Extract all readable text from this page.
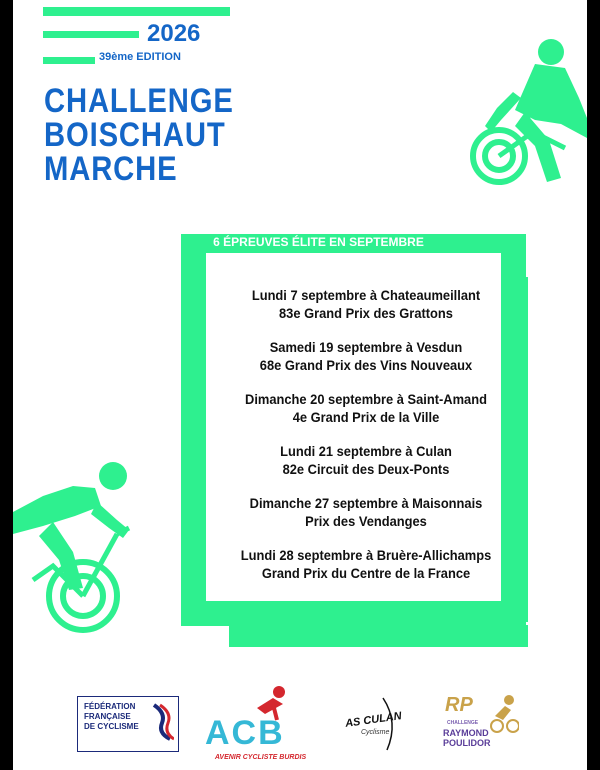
2026
39ème EDITION
CHALLENGE
BOISCHAUT
MARCHE
6 ÉPREUVES ÉLITE EN SEPTEMBRE
Lundi 7 septembre à Chateaumeillant
83e Grand Prix des Grattons
Samedi 19 septembre à Vesdun
68e Grand Prix des Vins Nouveaux
Dimanche 20 septembre à Saint-Amand
4e Grand Prix de la Ville
Lundi 21 septembre à Culan
82e Circuit des Deux-Ponts
Dimanche 27 septembre à Maisonnais
Prix des Vendanges
Lundi 28 septembre à Bruère-Allichamps
Grand Prix du Centre de la France
FÉDÉRATION
FRANÇAISE
DE CYCLISME ACB
AVENIR CYCLISTE BURDIS
AS CULAN
Cyclisme
RP
CHALLENGE
RAYMOND
POULIDOR
